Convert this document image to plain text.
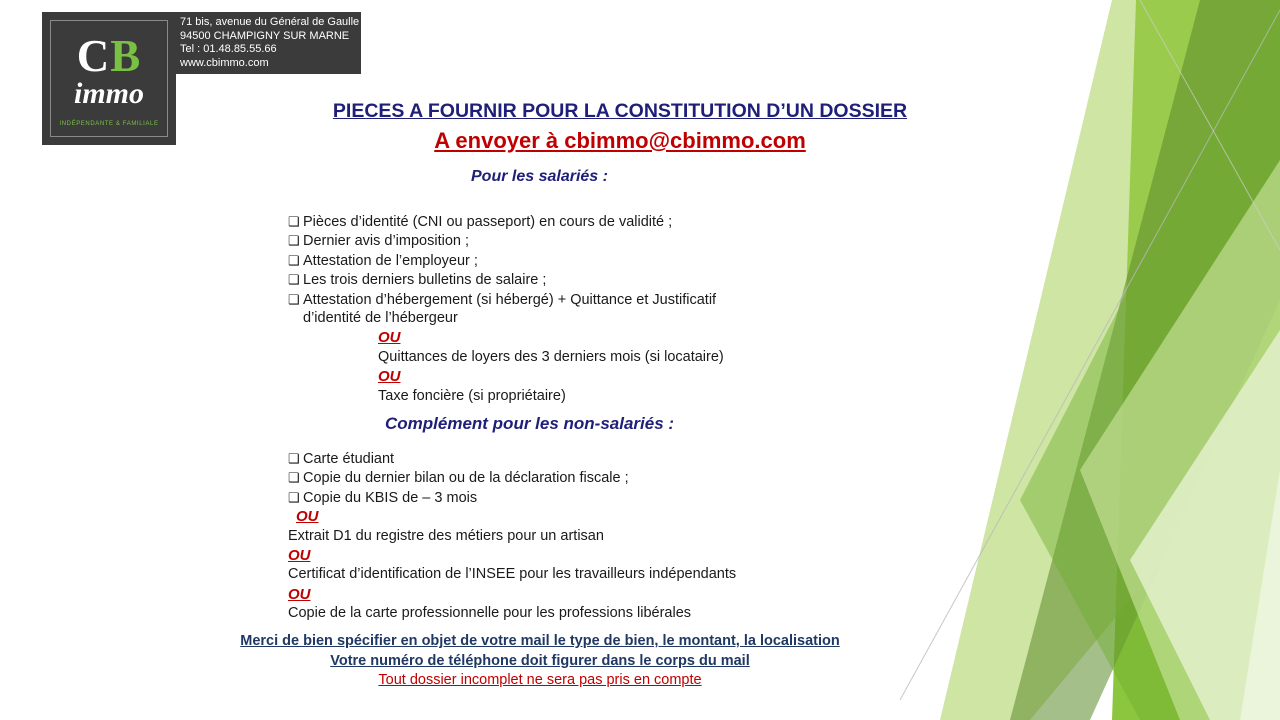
CB
immo
INDÉPENDANTE & FAMILIALE
71 bis, avenue du Général de Gaulle
94500 CHAMPIGNY SUR MARNE
Tel : 01.48.85.55.66
www.cbimmo.com
PIECES A FOURNIR POUR LA CONSTITUTION D’UN DOSSIER
A envoyer à cbimmo@cbimmo.com
Pour les salariés :
❑ Pièces d’identité (CNI ou passeport) en cours de validité ;
❑ Dernier avis d’imposition ;
❑ Attestation de l’employeur ;
❑ Les trois derniers bulletins de salaire ;
❑ Attestation d’hébergement (si hébergé) + Quittance et Justificatif
d’identité de l’hébergeur
OU
Quittances de loyers des 3 derniers mois (si locataire)
OU
Taxe foncière (si propriétaire)
Complément pour les non-salariés :
❑ Carte étudiant
❑ Copie du dernier bilan ou de la déclaration fiscale ;
❑ Copie du KBIS de – 3 mois
OU
Extrait D1 du registre des métiers pour un artisan
OU
Certificat d’identification de l’INSEE pour les travailleurs indépendants
OU
Copie de la carte professionnelle pour les professions libérales
Merci de bien spécifier en objet de votre mail le type de bien, le montant, la localisation
Votre numéro de téléphone doit figurer dans le corps du mail
Tout dossier incomplet ne sera pas pris en compte
